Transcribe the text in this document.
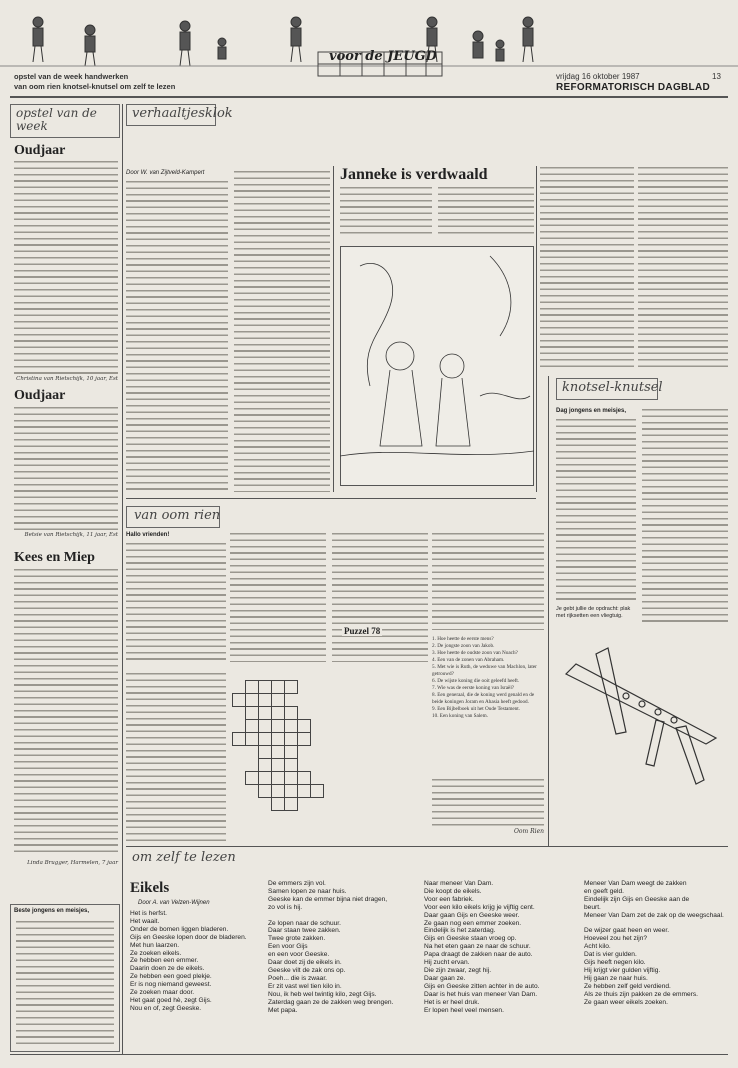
voor de JEUGD
opstel van de week handwerken
van oom rien knotsel-knutsel om zelf te lezen
vrijdag 16 oktober 1987	13
REFORMATORISCH DAGBLAD
opstel van de week
Oudjaar
Christina van Rietschijk, 10 jaar, Est
Oudjaar
Betsie van Rietschijk, 11 jaar, Est
Kees en Miep
Linda Brugger, Harmelen, 7 jaar
Beste jongens en meisjes,
verhaaltjesklok
Door W. van Zijtveld-Kampert	Janneke is verdwaald
knotsel-knutsel
Dag jongens en meisjes,
Je gebt jullie de opdracht: plak met rijksetten een vliegtuig.
van oom rien
Hallo vrienden!
Puzzel 78

1. Hoe heette de eerste mens?
2. De jongste zoon van Jakob.
3. Hoe heette de oudste zoon van Noach?
4. Een van de zonen van Abraham.
5. Met wie is Ruth, de weduwe van Machlon, later getrouwd?
6. De wijste koning die ooit geleefd heeft.
7. Wie was de eerste koning van Israël?
8. Een generaal, die de koning werd genald en de beide koningen Joram en Ahasia heeft gedood.
9. Een Bijbelboek uit het Oude Testament.
10. Een koning van Salem.
Oom Rien
om zelf te lezen
Eikels
Door A. van Velzen-Wijnen
Het is herfst.
Het waait.
Onder de bomen liggen bladeren.
Gijs en Geeske lopen door de bladeren.
Met hun laarzen.
Ze zoeken eikels.
Ze hebben een emmer.
Daarin doen ze de eikels.
Ze hebben een goed plekje.
Er is nog niemand geweest.
Ze zoeken maar door.
Het gaat goed hè, zegt Gijs.
Nou en of, zegt Geeske.
De emmers zijn vol.
Samen lopen ze naar huis.
Geeske kan de emmer bijna niet dragen,
zo vol is hij.

Ze lopen naar de schuur.
Daar staan twee zakken.
Twee grote zakken.
Een voor Gijs
en een voor Geeske.
Daar doet zij de eikels in.
Geeske vilt de zak ons op.
Poeh... die is zwaar.
Er zit vast wel tien kilo in.
Nou, ik heb wel twintig kilo, zegt Gijs.
Zaterdag gaan ze de zakken weg brengen.
Met papa.
Naar meneer Van Dam.
Die koopt de eikels.
Voor een fabriek.
Voor een kilo eikels krijg je vijftig cent.
Daar gaan Gijs en Geeske weer.
Ze gaan nog een emmer zoeken.
Eindelijk is het zaterdag.
Gijs en Geeske staan vroeg op.
Na het eten gaan ze naar de schuur.
Papa draagt de zakken naar de auto.
Hij zucht ervan.
Die zijn zwaar, zegt hij.
Daar gaan ze.
Gijs en Geeske zitten achter in de auto.
Daar is het huis van meneer Van Dam.
Het is er heel druk.
Er lopen heel veel mensen.
Meneer Van Dam weegt de zakken
en geeft geld.
Eindelijk zijn Gijs en Geeske aan de
beurt.
Meneer Van Dam zet de zak op de weegschaal.

De wijzer gaat heen en weer.
Hoeveel zou het zijn?
Acht kilo.
Dat is vier gulden.
Gijs heeft negen kilo.
Hij krijgt vier gulden vijftig.
Hij gaan ze naar huis.
Ze hebben zelf geld verdiend.
Als ze thuis zijn pakken ze de emmers.
Ze gaan weer eikels zoeken.
